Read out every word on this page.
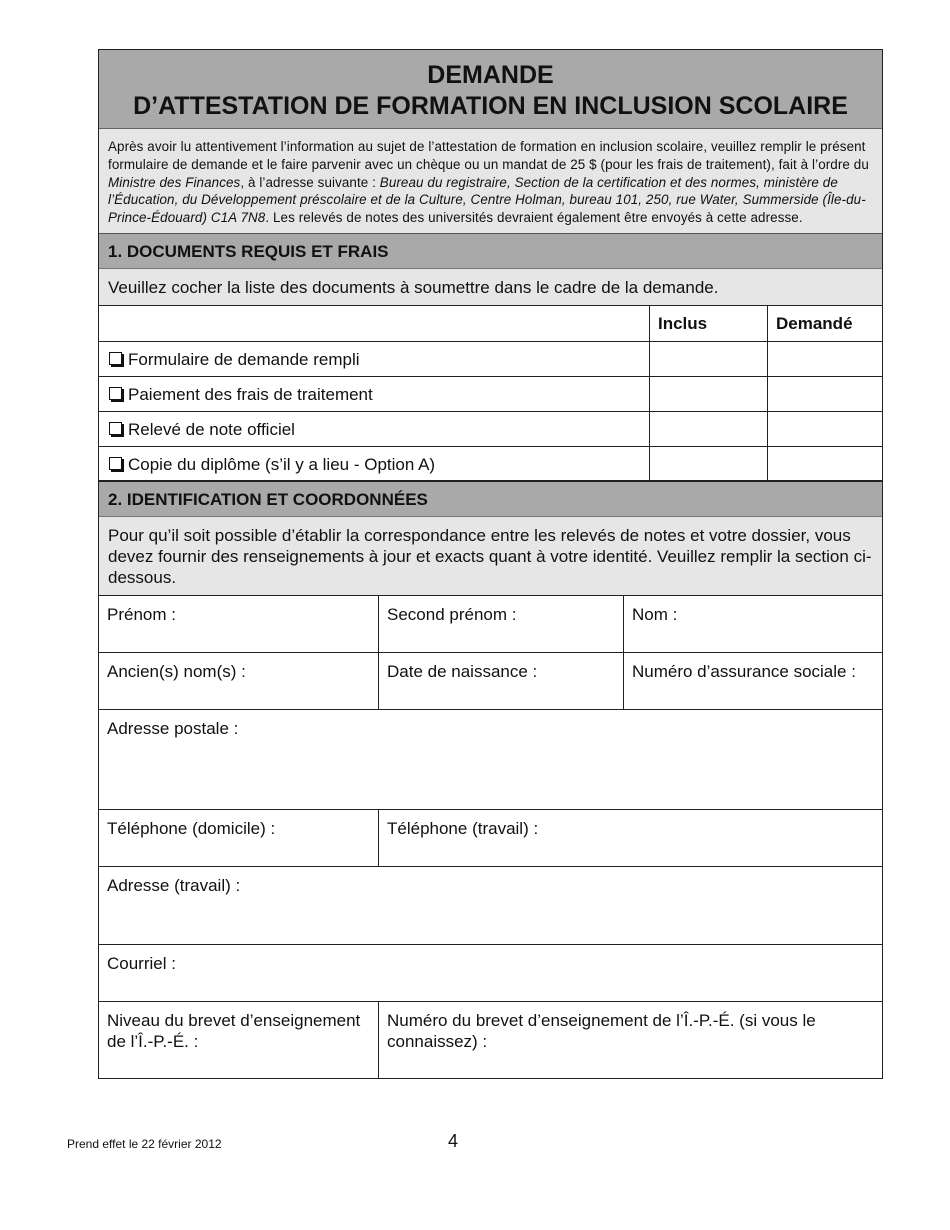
DEMANDE
D’ATTESTATION DE FORMATION EN INCLUSION SCOLAIRE
Après avoir lu attentivement l’information au sujet de l’attestation de formation en inclusion scolaire, veuillez remplir le présent formulaire de demande et le faire parvenir avec un chèque ou un mandat de 25 $ (pour les frais de traitement), fait à l’ordre du Ministre des Finances, à l’adresse suivante : Bureau du registraire, Section de la certification et des normes, ministère de l’Éducation, du Développement préscolaire et de la Culture, Centre Holman, bureau 101, 250, rue Water, Summerside (Île-du-Prince-Édouard) C1A 7N8. Les relevés de notes des universités devraient également être envoyés à cette adresse.
1. DOCUMENTS REQUIS ET FRAIS
Veuillez cocher la liste des documents à soumettre dans le cadre de la demande.
Inclus	Demandé
Formulaire de demande rempli
Paiement des frais de traitement
Relevé de note officiel
Copie du diplôme (s’il y a lieu - Option A)
2. IDENTIFICATION ET COORDONNÉES
Pour qu’il soit possible d’établir la correspondance entre les relevés de notes et votre dossier, vous devez fournir des renseignements à jour et exacts quant à votre identité. Veuillez remplir la section ci-dessous.
Prénom :	Second prénom :	Nom :
Ancien(s) nom(s) :	Date de naissance :	Numéro d’assurance sociale :
Adresse postale :
Téléphone (domicile) :	Téléphone (travail) :
Adresse (travail) :
Courriel :
Niveau du brevet d’enseignement de l’Î.-P.-É. :
Numéro du brevet d’enseignement de l’Î.-P.-É. (si vous le connaissez) :
Prend effet le 22 février 2012	4
